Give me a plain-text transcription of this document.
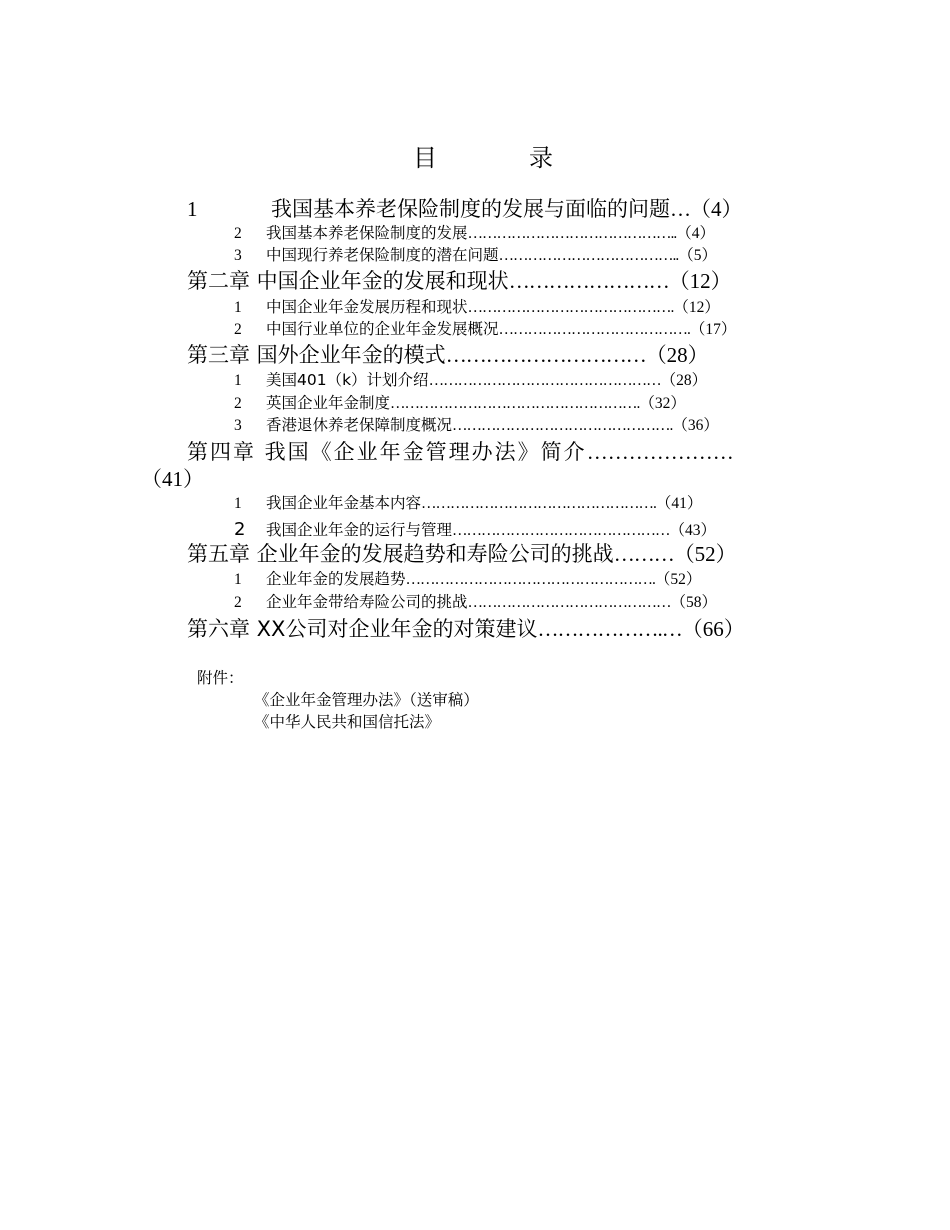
目　录
1	我国基本养老保险制度的发展与面临的问题…（4）
2 我国基本养老保险制度的发展……………………………………..（4）
3 中国现行养老保险制度的潜在问题………………………………..（5）
第二章 中国企业年金的发展和现状……………………（12）
1 中国企业年金发展历程和现状…………………………………….（12）
2 中国行业单位的企业年金发展概况………………………………….（17）
第三章 国外企业年金的模式…………………………（28）
1 美国401（k）计划介绍…………………………………………（28）
2 英国企业年金制度…………………………………………….（32）
3 香港退休养老保障制度概况……………………………………….（36）
第四章 我国《企业年金管理办法》简介…………………
（41）
1 我国企业年金基本内容………………………………………….（41）
2 我国企业年金的运行与管理………………………………………（43）
第五章 企业年金的发展趋势和寿险公司的挑战………（52）
1 企业年金的发展趋势…………………………………………….（52）
2 企业年金带给寿险公司的挑战……………………………………（58）
第六章 XX公司对企业年金的对策建议……………….…（66）
附件：
《企业年金管理办法》（送审稿）
《中华人民共和国信托法》
